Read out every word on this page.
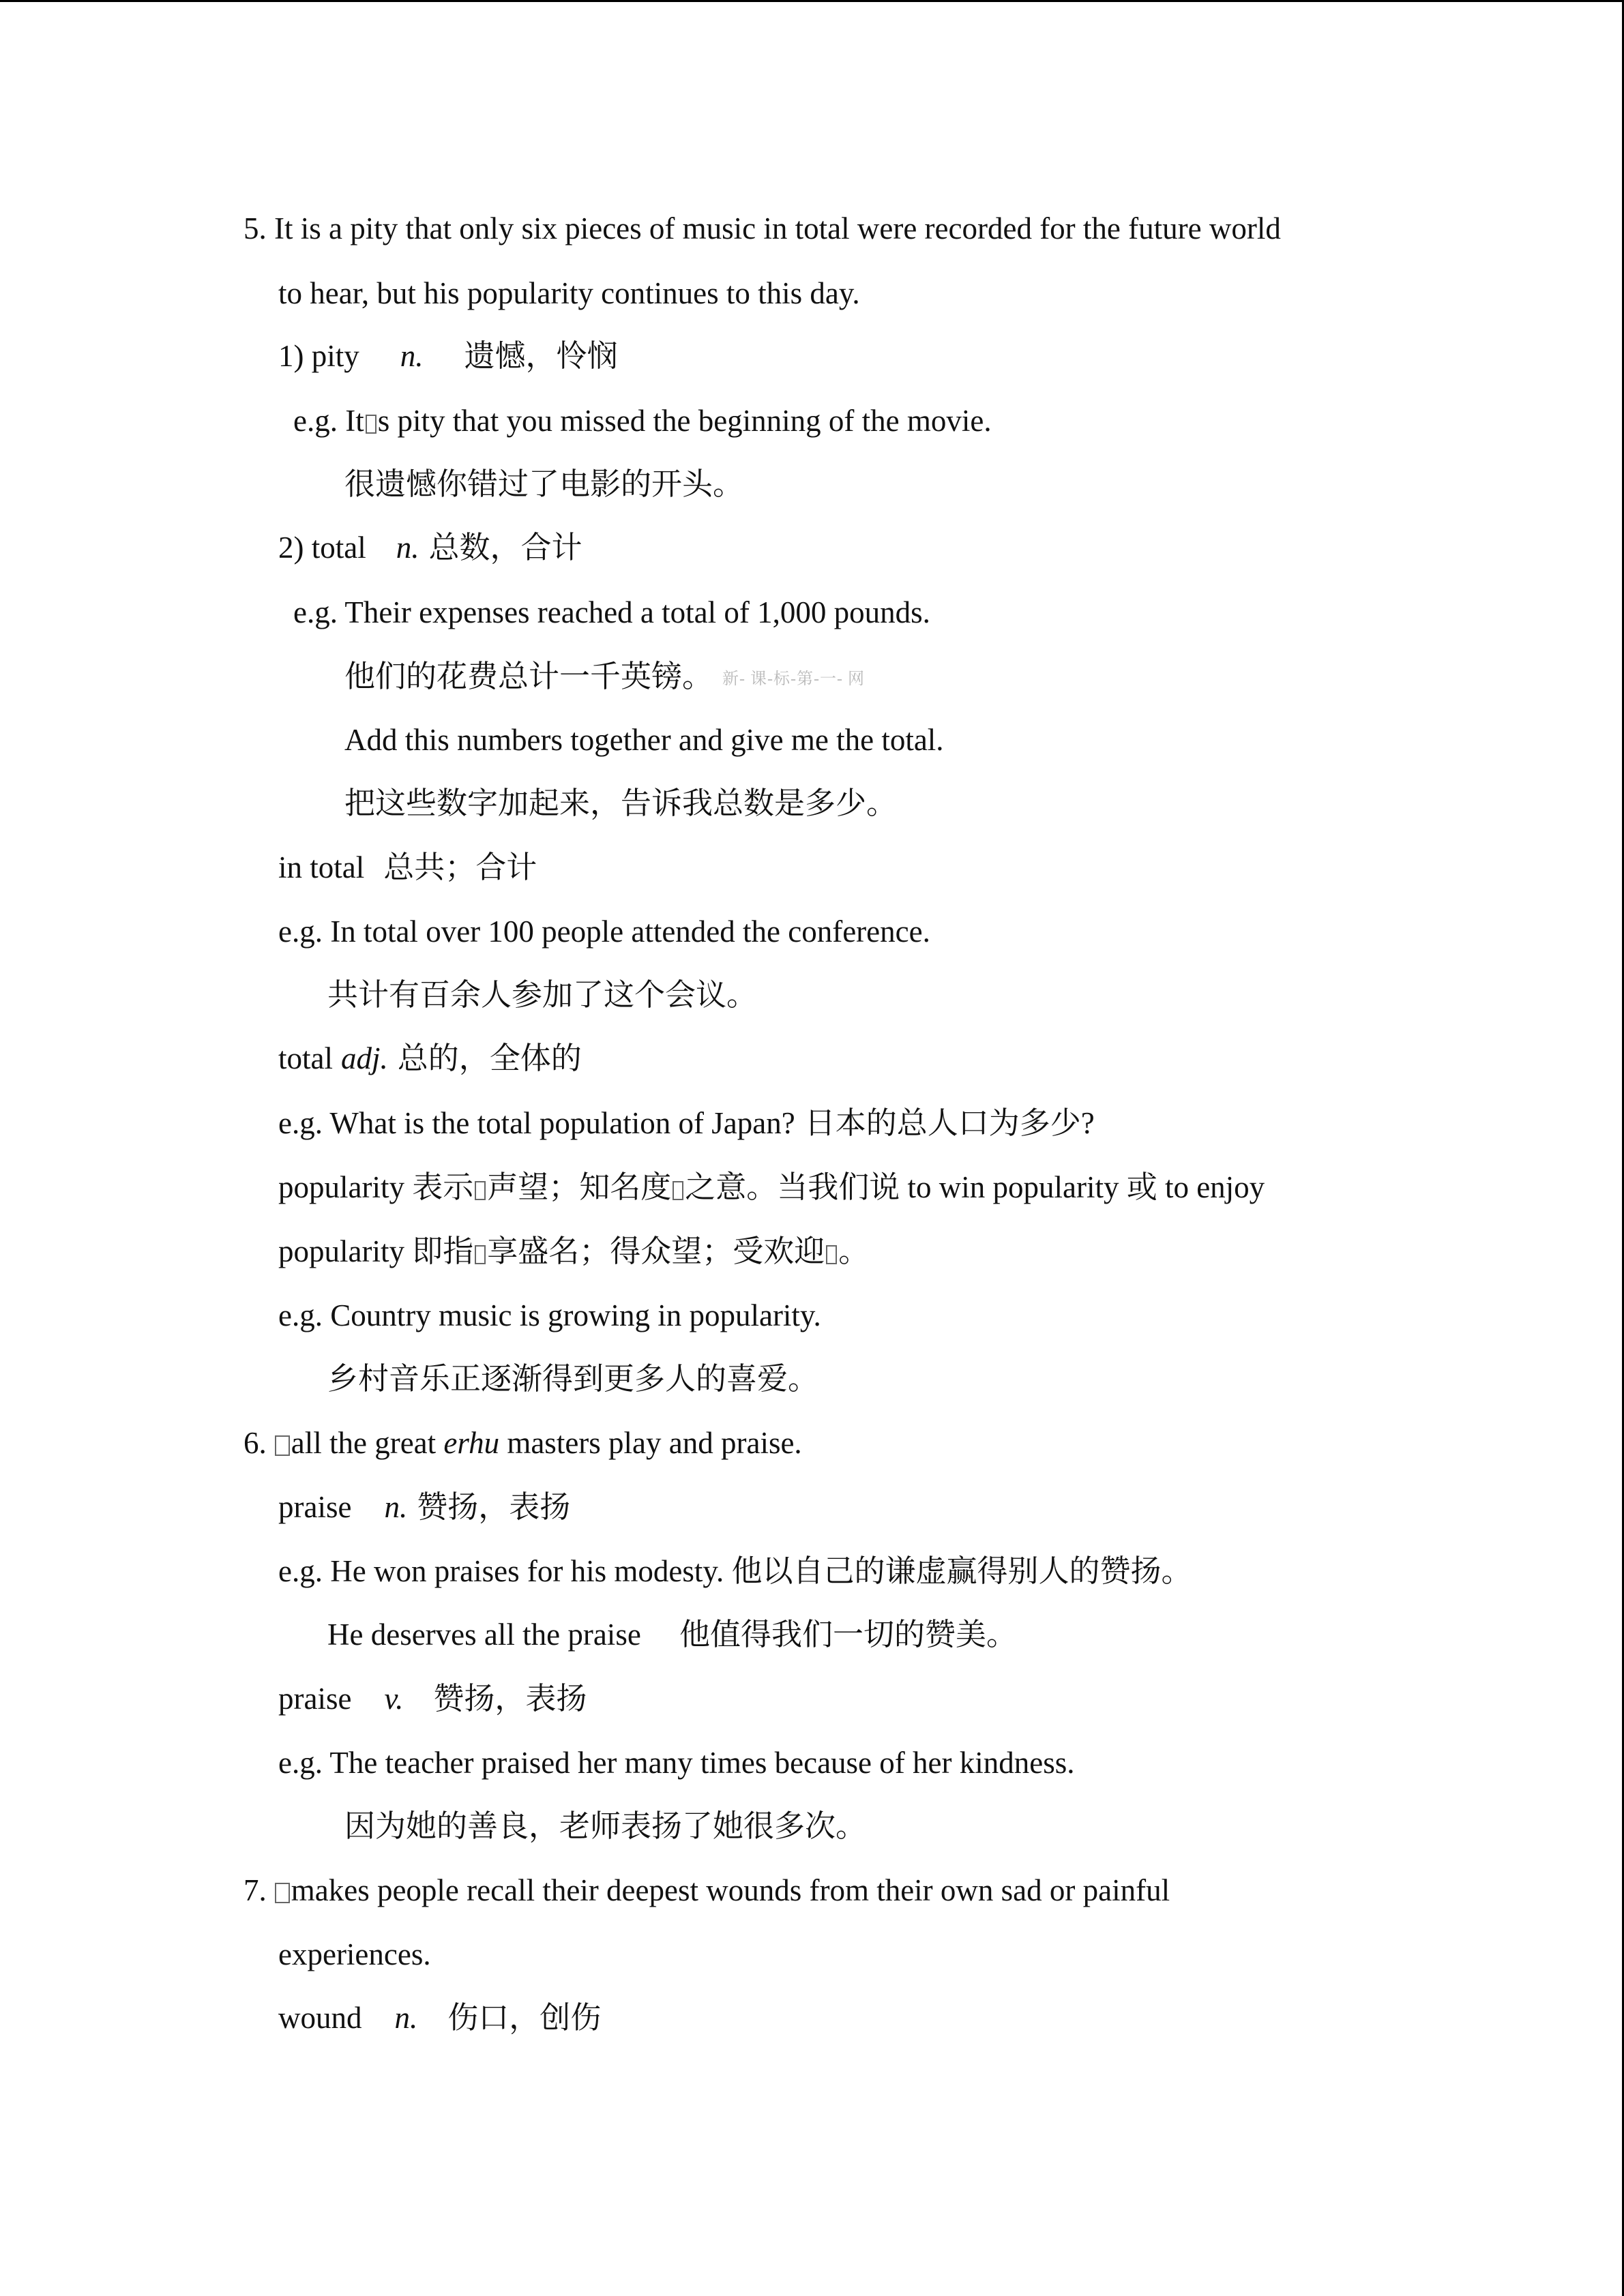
5. It is a pity that only six pieces of music in total were recorded for the future world
to hear, but his popularity continues to this day.
1) pity n. 遗憾，怜悯
e.g. It s pity that you missed the beginning of the movie.
很遗憾你错过了电影的开头。
2) total n. 总数，合计
e.g. Their expenses reached a total of 1,000 pounds.
他们的花费总计一千英镑。 新- 课-标-第-一- 网
Add this numbers together and give me the total.
把这些数字加起来，告诉我总数是多少。
in total 总共；合计
e.g. In total over 100 people attended the conference.
共计有百余人参加了这个会议。
total adj. 总的，全体的
e.g. What is the total population of Japan? 日本的总人口为多少?
popularity 表示 声望；知名度 之意。当我们说 to win popularity 或 to enjoy
popularity 即指 享盛名；得众望；受欢迎 。
e.g. Country music is growing in popularity.
乡村音乐正逐渐得到更多人的喜爱。
6. all the great erhu masters play and praise.
praise n. 赞扬，表扬
e.g. He won praises for his modesty. 他以自己的谦虚赢得别人的赞扬。
He deserves all the praise     他值得我们一切的赞美。
praise v. 赞扬，表扬
e.g. The teacher praised her many times because of her kindness.
因为她的善良，老师表扬了她很多次。
7. makes people recall their deepest wounds from their own sad or painful
experiences.
wound n. 伤口，创伤
